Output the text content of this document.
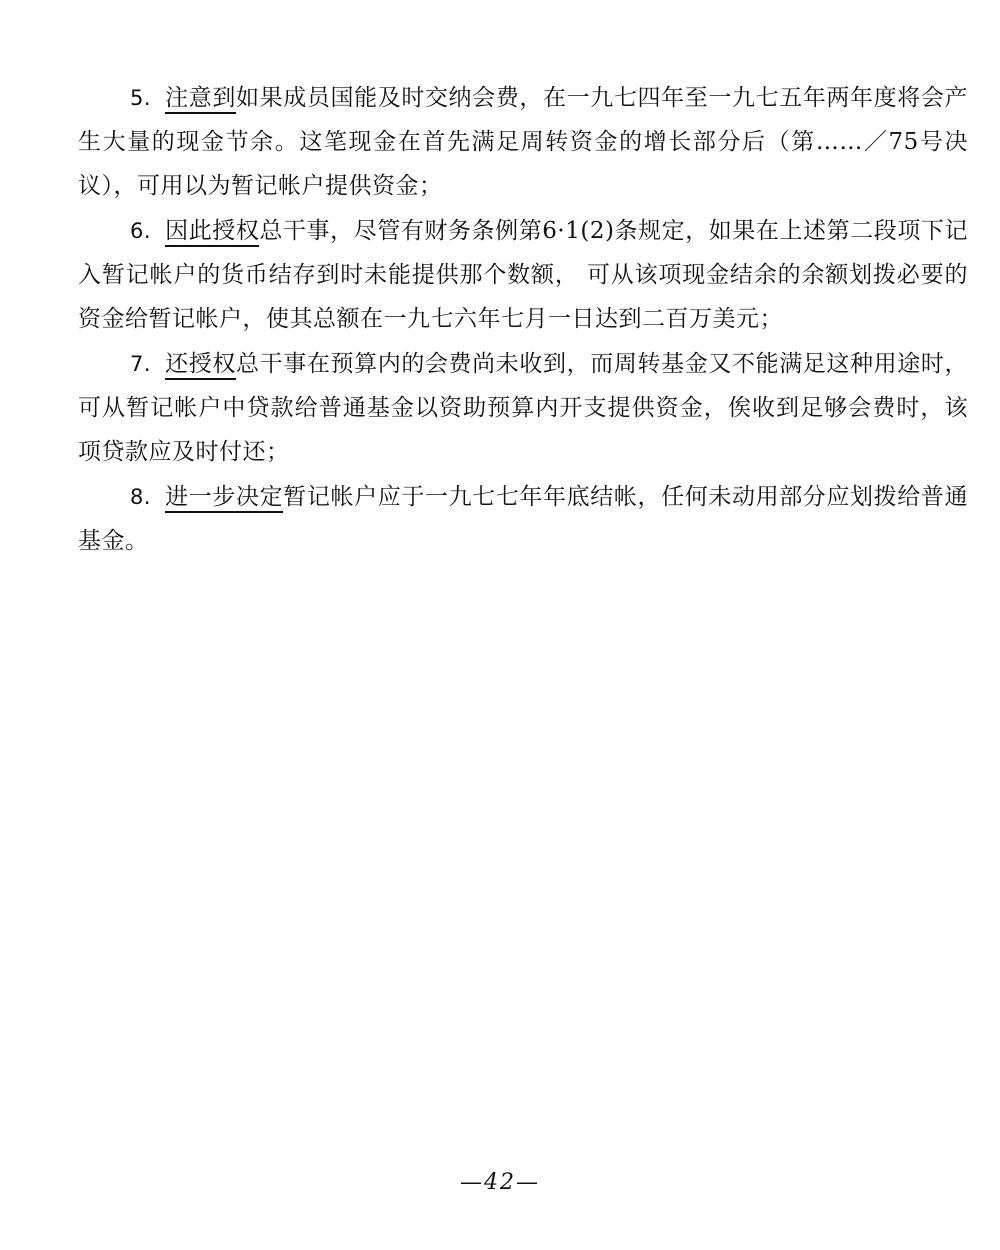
5. 注意到如果成员国能及时交纳会费，在一九七四年至一九七五年两年度将会产生大量的现金节余。这笔现金在首先满足周转资金的增长部分后（第……／75号决议），可用以为暂记帐户提供资金；

6. 因此授权总干事，尽管有财务条例第6·1(2)条规定，如果在上述第二段项下记入暂记帐户的货币结存到时未能提供那个数额， 可从该项现金结余的余额划拨必要的资金给暂记帐户，使其总额在一九七六年七月一日达到二百万美元；

7. 还授权总干事在预算内的会费尚未收到，而周转基金又不能满足这种用途时， 可从暂记帐户中贷款给普通基金以资助预算内开支提供资金，俟收到足够会费时，该项贷款应及时付还；

8. 进一步决定暂记帐户应于一九七七年年底结帐，任何未动用部分应划拨给普通基金。

—42—
